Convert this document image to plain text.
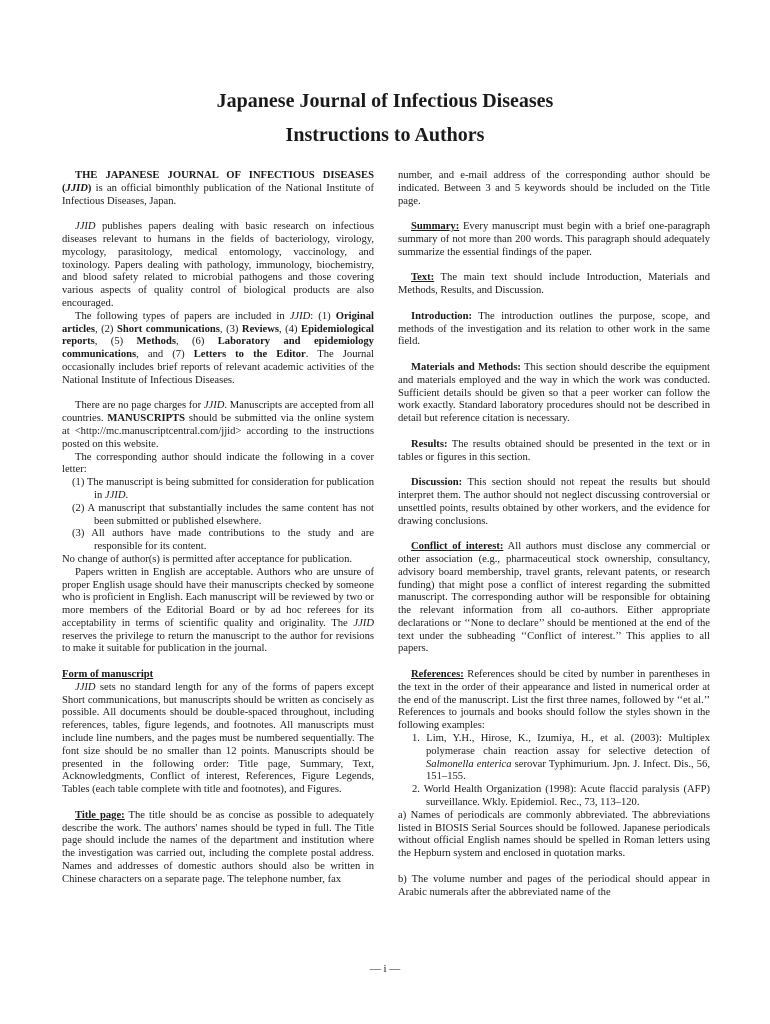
Japanese Journal of Infectious Diseases
Instructions to Authors

THE JAPANESE JOURNAL OF INFECTIOUS DISEASES (JJID) is an official bimonthly publication of the National Institute of Infectious Diseases, Japan.

JJID publishes papers dealing with basic research on infectious diseases relevant to humans in the fields of bacteriology, virology, mycology, parasitology, medical entomology, vaccinology, and toxinology. Papers dealing with pathology, immunology, biochemistry, and blood safety related to microbial pathogens and those covering various aspects of quality control of biological products are also encouraged.

The following types of papers are included in JJID: (1) Original articles, (2) Short communications, (3) Reviews, (4) Epidemiological reports, (5) Methods, (6) Laboratory and epidemiology communications, and (7) Letters to the Editor. The Journal occasionally includes brief reports of relevant academic activities of the National Institute of Infectious Diseases.

There are no page charges for JJID. Manuscripts are accepted from all countries. MANUSCRIPTS should be submitted via the online system at <http://mc.manuscriptcentral.com/jjid> according to the instructions posted on this website.

The corresponding author should indicate the following in a cover letter:

(1) The manuscript is being submitted for consideration for publication in JJID.

(2) A manuscript that substantially includes the same content has not been submitted or published elsewhere.

(3) All authors have made contributions to the study and are responsible for its content.

No change of author(s) is permitted after acceptance for publication.

Papers written in English are acceptable. Authors who are unsure of proper English usage should have their manuscripts checked by someone who is proficient in English. Each manuscript will be reviewed by two or more members of the Editorial Board or by ad hoc referees for its acceptability in terms of scientific quality and originality. The JJID reserves the privilege to return the manuscript to the author for revisions to make it suitable for publication in the journal.

Form of manuscript

JJID sets no standard length for any of the forms of papers except Short communications, but manuscripts should be written as concisely as possible. All documents should be double-spaced throughout, including references, tables, figure legends, and footnotes. All manuscripts must include line numbers, and the pages must be numbered sequentially. The font size should be no smaller than 12 points. Manuscripts should be presented in the following order: Title page, Summary, Text, Acknowledgments, Conflict of interest, References, Figure Legends, Tables (each table complete with title and footnotes), and Figures.

Title page: The title should be as concise as possible to adequately describe the work. The authors' names should be typed in full. The Title page should include the names of the department and institution where the investigation was carried out, including the complete postal address. Names and addresses of domestic authors should also be written in Chinese characters on a separate page. The telephone number, fax

number, and e-mail address of the corresponding author should be indicated. Between 3 and 5 keywords should be included on the Title page.

Summary: Every manuscript must begin with a brief one-paragraph summary of not more than 200 words. This paragraph should adequately summarize the essential findings of the paper.

Text: The main text should include Introduction, Materials and Methods, Results, and Discussion.

Introduction: The introduction outlines the purpose, scope, and methods of the investigation and its relation to other work in the same field.

Materials and Methods: This section should describe the equipment and materials employed and the way in which the work was conducted. Sufficient details should be given so that a peer worker can follow the work exactly. Standard laboratory procedures should not be described in detail but reference citation is necessary.

Results: The results obtained should be presented in the text or in tables or figures in this section.

Discussion: This section should not repeat the results but should interpret them. The author should not neglect discussing controversial or unsettled points, results obtained by other workers, and the evidence for drawing conclusions.

Conflict of interest: All authors must disclose any commercial or other association (e.g., pharmaceutical stock ownership, consultancy, advisory board membership, travel grants, relevant patents, or research funding) that might pose a conflict of interest regarding the submitted manuscript. The corresponding author will be responsible for obtaining the relevant information from all co-authors. Either appropriate declarations or ‘‘None to declare’’ should be mentioned at the end of the text under the subheading ‘‘Conflict of interest.’’ This applies to all papers.

References: References should be cited by number in parentheses in the text in the order of their appearance and listed in numerical order at the end of the manuscript. List the first three names, followed by ‘‘et al.’’ References to journals and books should follow the styles shown in the following examples:

1. Lim, Y.H., Hirose, K., Izumiya, H., et al. (2003): Multiplex polymerase chain reaction assay for selective detection of Salmonella enterica serovar Typhimurium. Jpn. J. Infect. Dis., 56, 151–155.

2. World Health Organization (1998): Acute flaccid paralysis (AFP) surveillance. Wkly. Epidemiol. Rec., 73, 113–120.

a) Names of periodicals are commonly abbreviated. The abbreviations listed in BIOSIS Serial Sources should be followed. Japanese periodicals without official English names should be spelled in Roman letters using the Hepburn system and enclosed in quotation marks.

b) The volume number and pages of the periodical should appear in Arabic numerals after the abbreviated name of the

— i —
